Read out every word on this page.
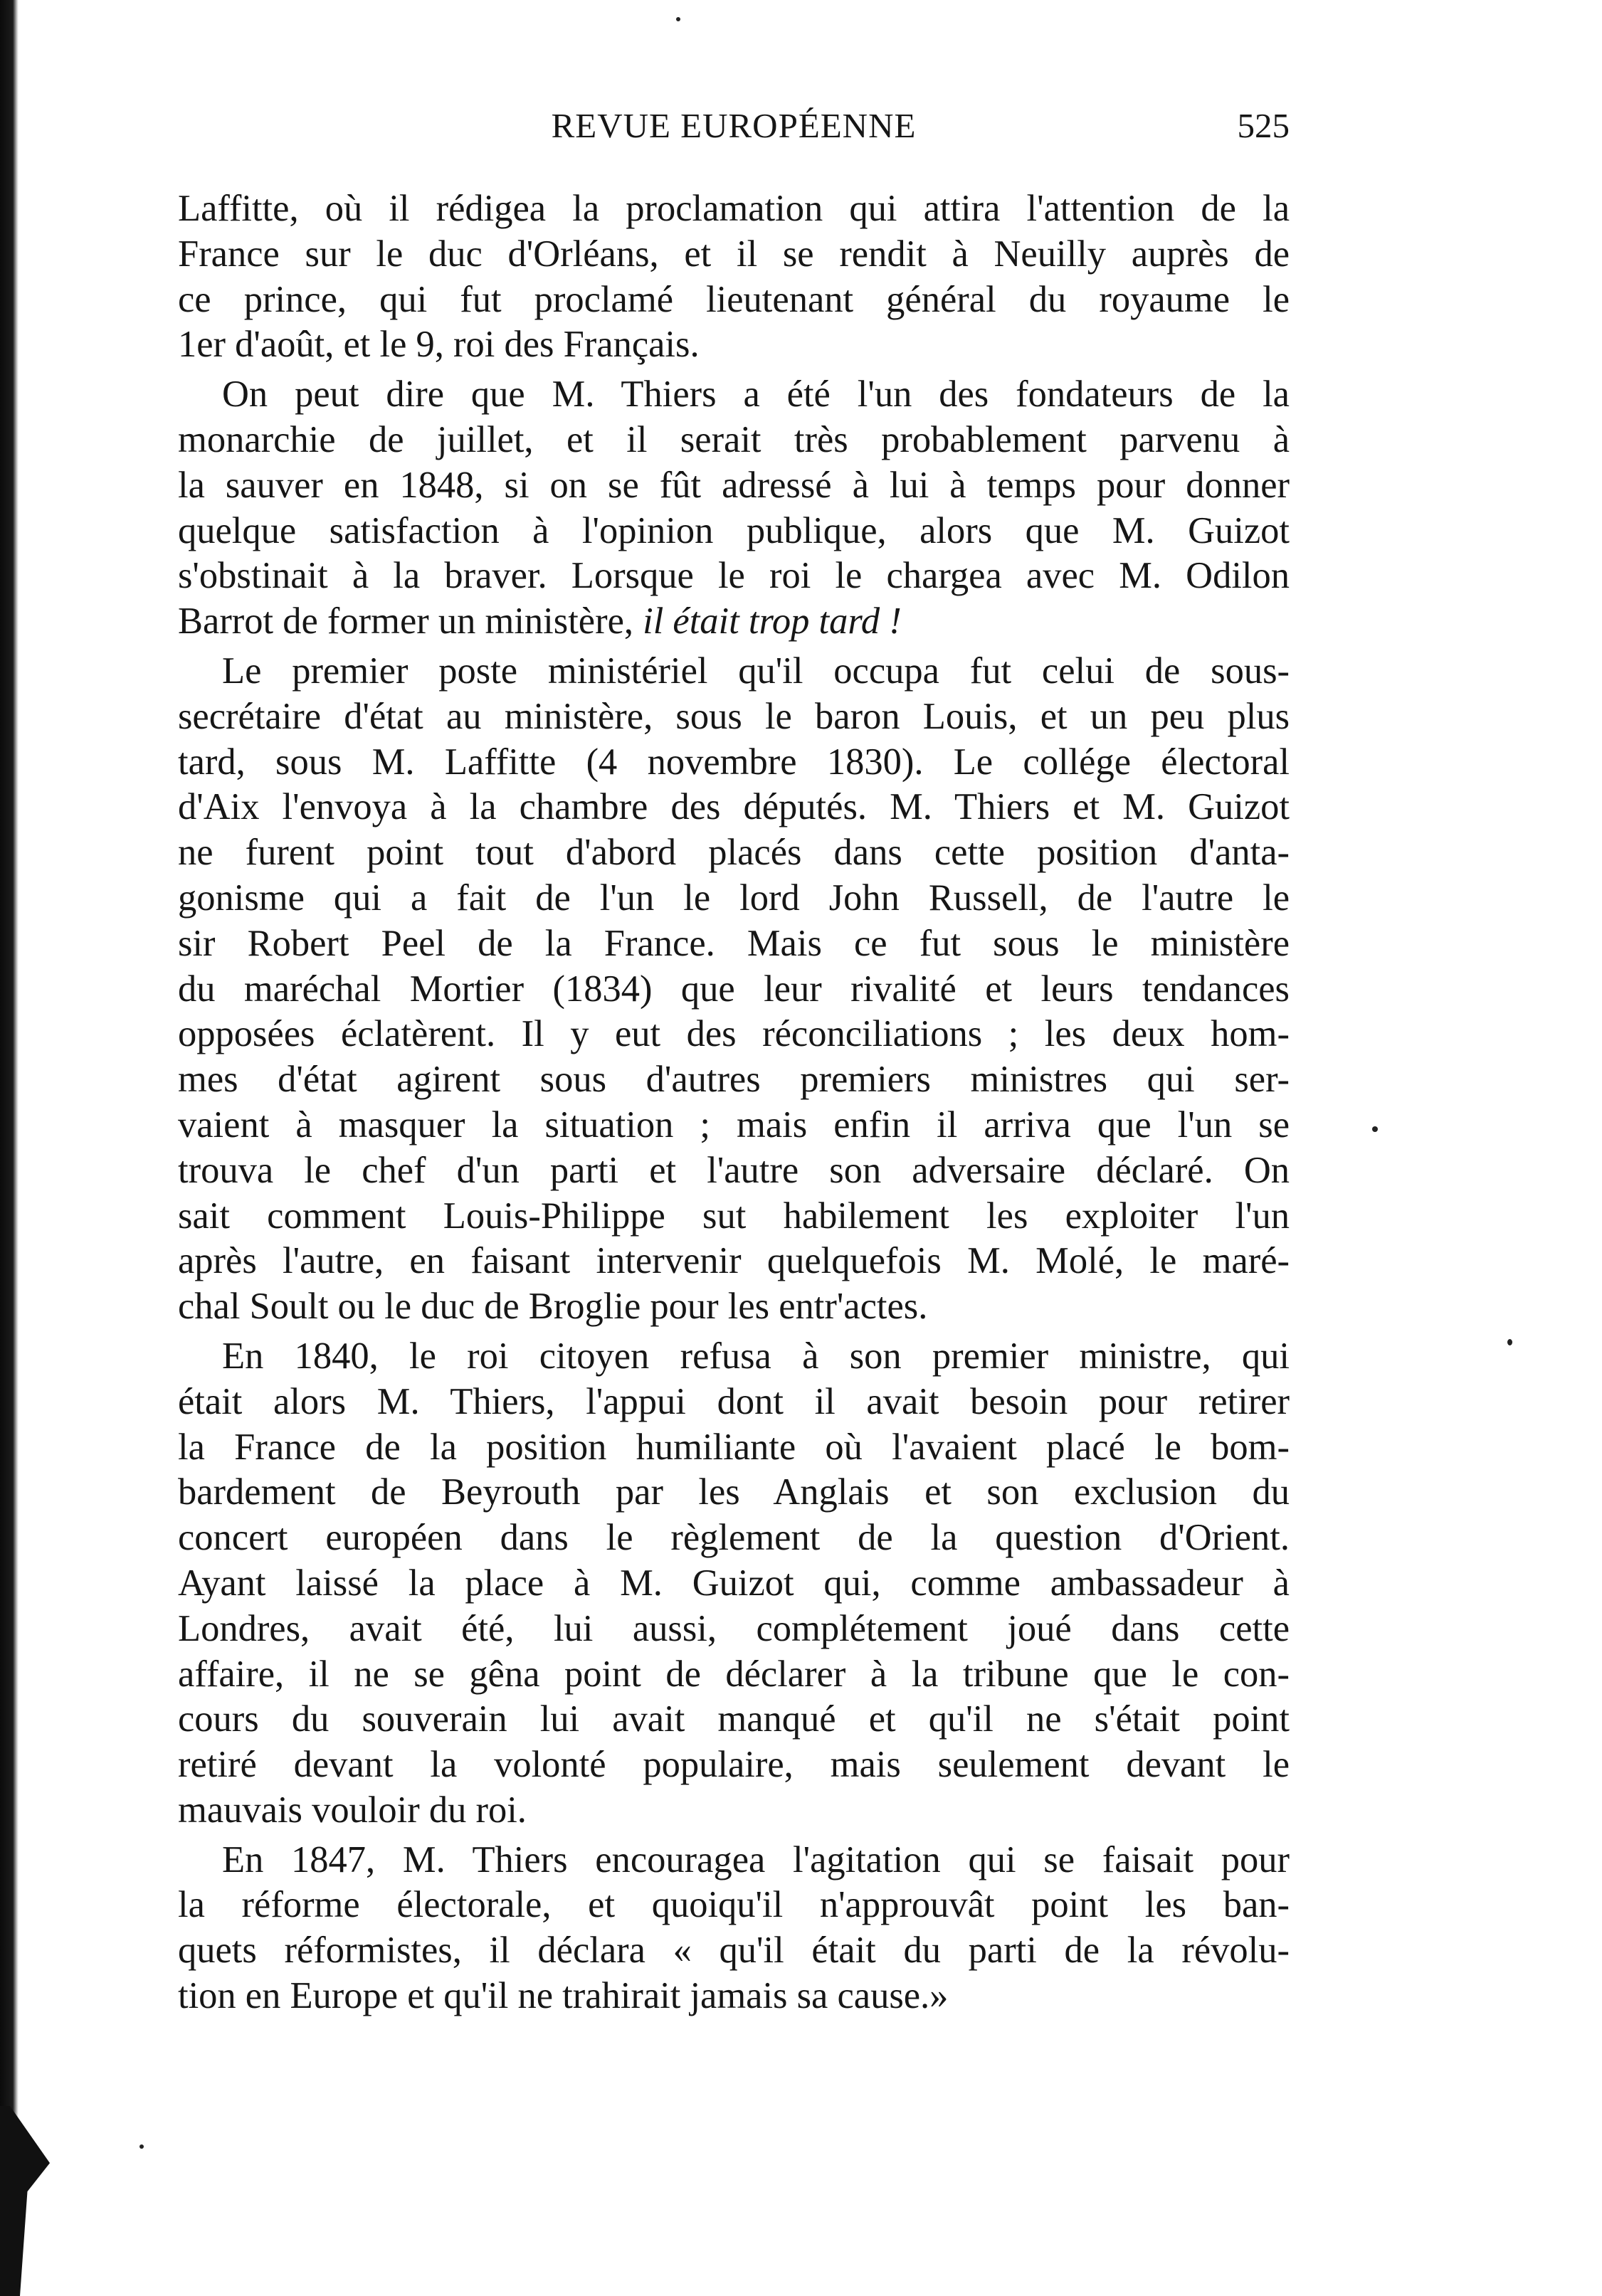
REVUE EUROPÉENNE	525
Laffitte, où il rédigea la proclamation qui attira l'attention de la
France sur le duc d'Orléans, et il se rendit à Neuilly auprès de
ce prince, qui fut proclamé lieutenant général du royaume le
1er d'août, et le 9, roi des Français.
On peut dire que M. Thiers a été l'un des fondateurs de la
monarchie de juillet, et il serait très probablement parvenu à
la sauver en 1848, si on se fût adressé à lui à temps pour donner
quelque satisfaction à l'opinion publique, alors que M. Guizot
s'obstinait à la braver. Lorsque le roi le chargea avec M. Odilon
Barrot de former un ministère, il était trop tard !
Le premier poste ministériel qu'il occupa fut celui de sous-
secrétaire d'état au ministère, sous le baron Louis, et un peu plus
tard, sous M. Laffitte (4 novembre 1830). Le collége électoral
d'Aix l'envoya à la chambre des députés. M. Thiers et M. Guizot
ne furent point tout d'abord placés dans cette position d'anta-
gonisme qui a fait de l'un le lord John Russell, de l'autre le
sir Robert Peel de la France. Mais ce fut sous le ministère
du maréchal Mortier (1834) que leur rivalité et leurs tendances
opposées éclatèrent. Il y eut des réconciliations ; les deux hom-
mes d'état agirent sous d'autres premiers ministres qui ser-
vaient à masquer la situation ; mais enfin il arriva que l'un se
trouva le chef d'un parti et l'autre son adversaire déclaré. On
sait comment Louis-Philippe sut habilement les exploiter l'un
après l'autre, en faisant intervenir quelquefois M. Molé, le maré-
chal Soult ou le duc de Broglie pour les entr'actes.
En 1840, le roi citoyen refusa à son premier ministre, qui
était alors M. Thiers, l'appui dont il avait besoin pour retirer
la France de la position humiliante où l'avaient placé le bom-
bardement de Beyrouth par les Anglais et son exclusion du
concert européen dans le règlement de la question d'Orient.
Ayant laissé la place à M. Guizot qui, comme ambassadeur à
Londres, avait été, lui aussi, complétement joué dans cette
affaire, il ne se gêna point de déclarer à la tribune que le con-
cours du souverain lui avait manqué et qu'il ne s'était point
retiré devant la volonté populaire, mais seulement devant le
mauvais vouloir du roi.
En 1847, M. Thiers encouragea l'agitation qui se faisait pour
la réforme électorale, et quoiqu'il n'approuvât point les ban-
quets réformistes, il déclara « qu'il était du parti de la révolu-
tion en Europe et qu'il ne trahirait jamais sa cause.»
